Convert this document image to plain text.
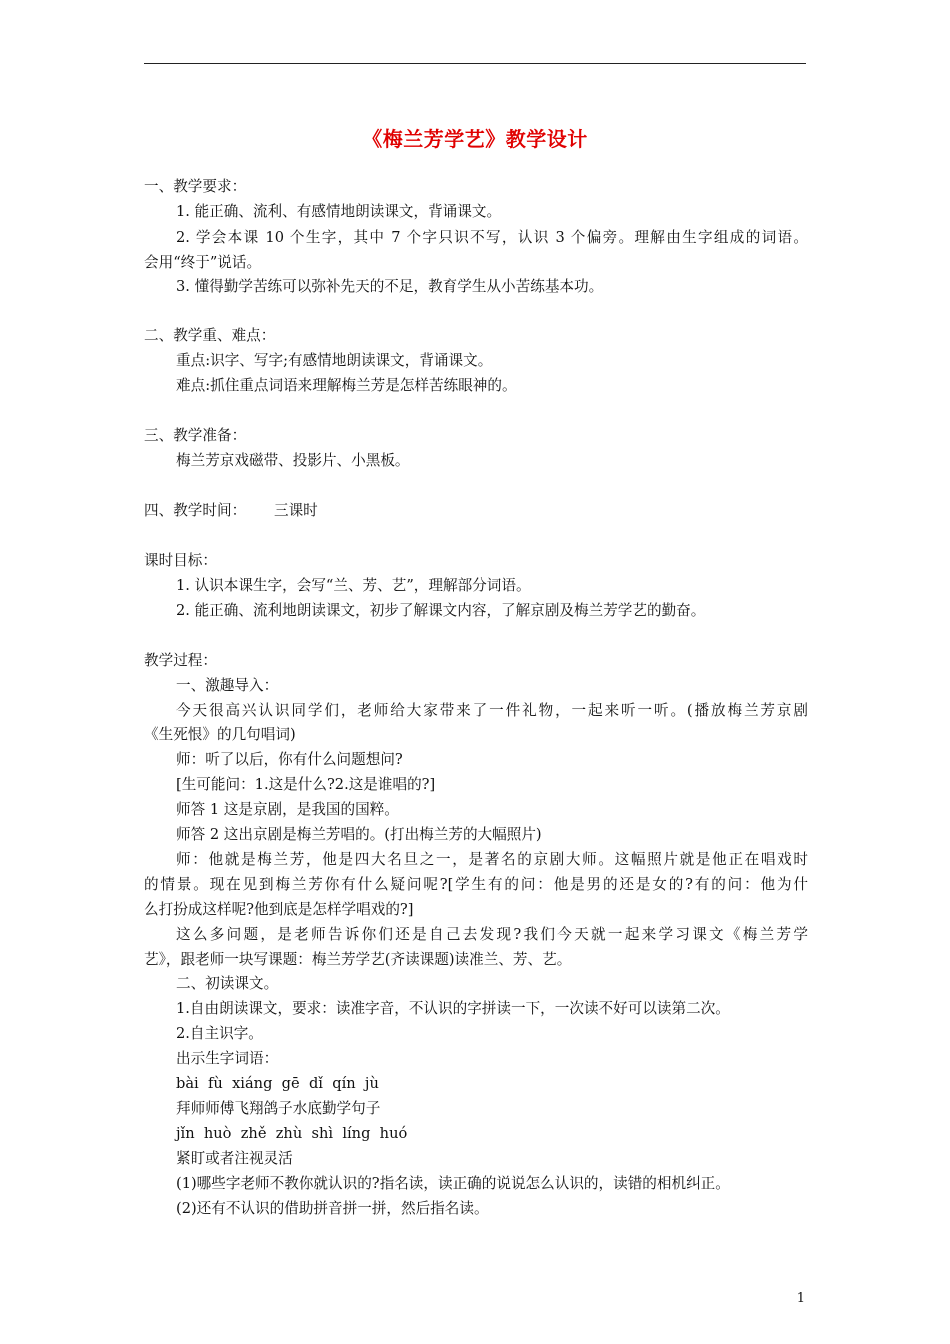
《梅兰芳学艺》教学设计
一、教学要求：
1. 能正确、流利、有感情地朗读课文，背诵课文。
2. 学会本课 10 个生字，其中 7 个字只识不写，认识 3 个偏旁。理解由生字组成的词语。
会用“终于”说话。
3. 懂得勤学苦练可以弥补先天的不足，教育学生从小苦练基本功。
二、教学重、难点：
重点:识字、写字;有感情地朗读课文，背诵课文。
难点:抓住重点词语来理解梅兰芳是怎样苦练眼神的。
三、教学准备：
梅兰芳京戏磁带、投影片、小黑板。
四、教学时间：      三课时
课时目标：
1. 认识本课生字，会写“兰、芳、艺”，理解部分词语。
2. 能正确、流利地朗读课文，初步了解课文内容，了解京剧及梅兰芳学艺的勤奋。
教学过程：
一、激趣导入：
今天很高兴认识同学们，老师给大家带来了一件礼物，一起来听一听。(播放梅兰芳京剧
《生死恨》的几句唱词)
师：听了以后，你有什么问题想问?
[生可能问：1.这是什么?2.这是谁唱的?]
师答 1 这是京剧，是我国的国粹。
师答 2 这出京剧是梅兰芳唱的。(打出梅兰芳的大幅照片)
师：他就是梅兰芳，他是四大名旦之一，是著名的京剧大师。这幅照片就是他正在唱戏时
的情景。现在见到梅兰芳你有什么疑问呢?[学生有的问：他是男的还是女的?有的问：他为什
么打扮成这样呢?他到底是怎样学唱戏的?]
这么多问题，是老师告诉你们还是自己去发现?我们今天就一起来学习课文《梅兰芳学
艺》，跟老师一块写课题：梅兰芳学艺(齐读课题)读准兰、芳、艺。
二、初读课文。
1.自由朗读课文，要求：读准字音，不认识的字拼读一下，一次读不好可以读第二次。
2.自主识字。
出示生字词语：
bài  fù  xiáng  gē  dǐ  qín  jù
拜师师傅飞翔鸽子水底勤学句子
jǐn  huò  zhě  zhù  shì  líng  huó
紧盯或者注视灵活
(1)哪些字老师不教你就认识的?指名读，读正确的说说怎么认识的，读错的相机纠正。
(2)还有不认识的借助拼音拼一拼，然后指名读。
1
